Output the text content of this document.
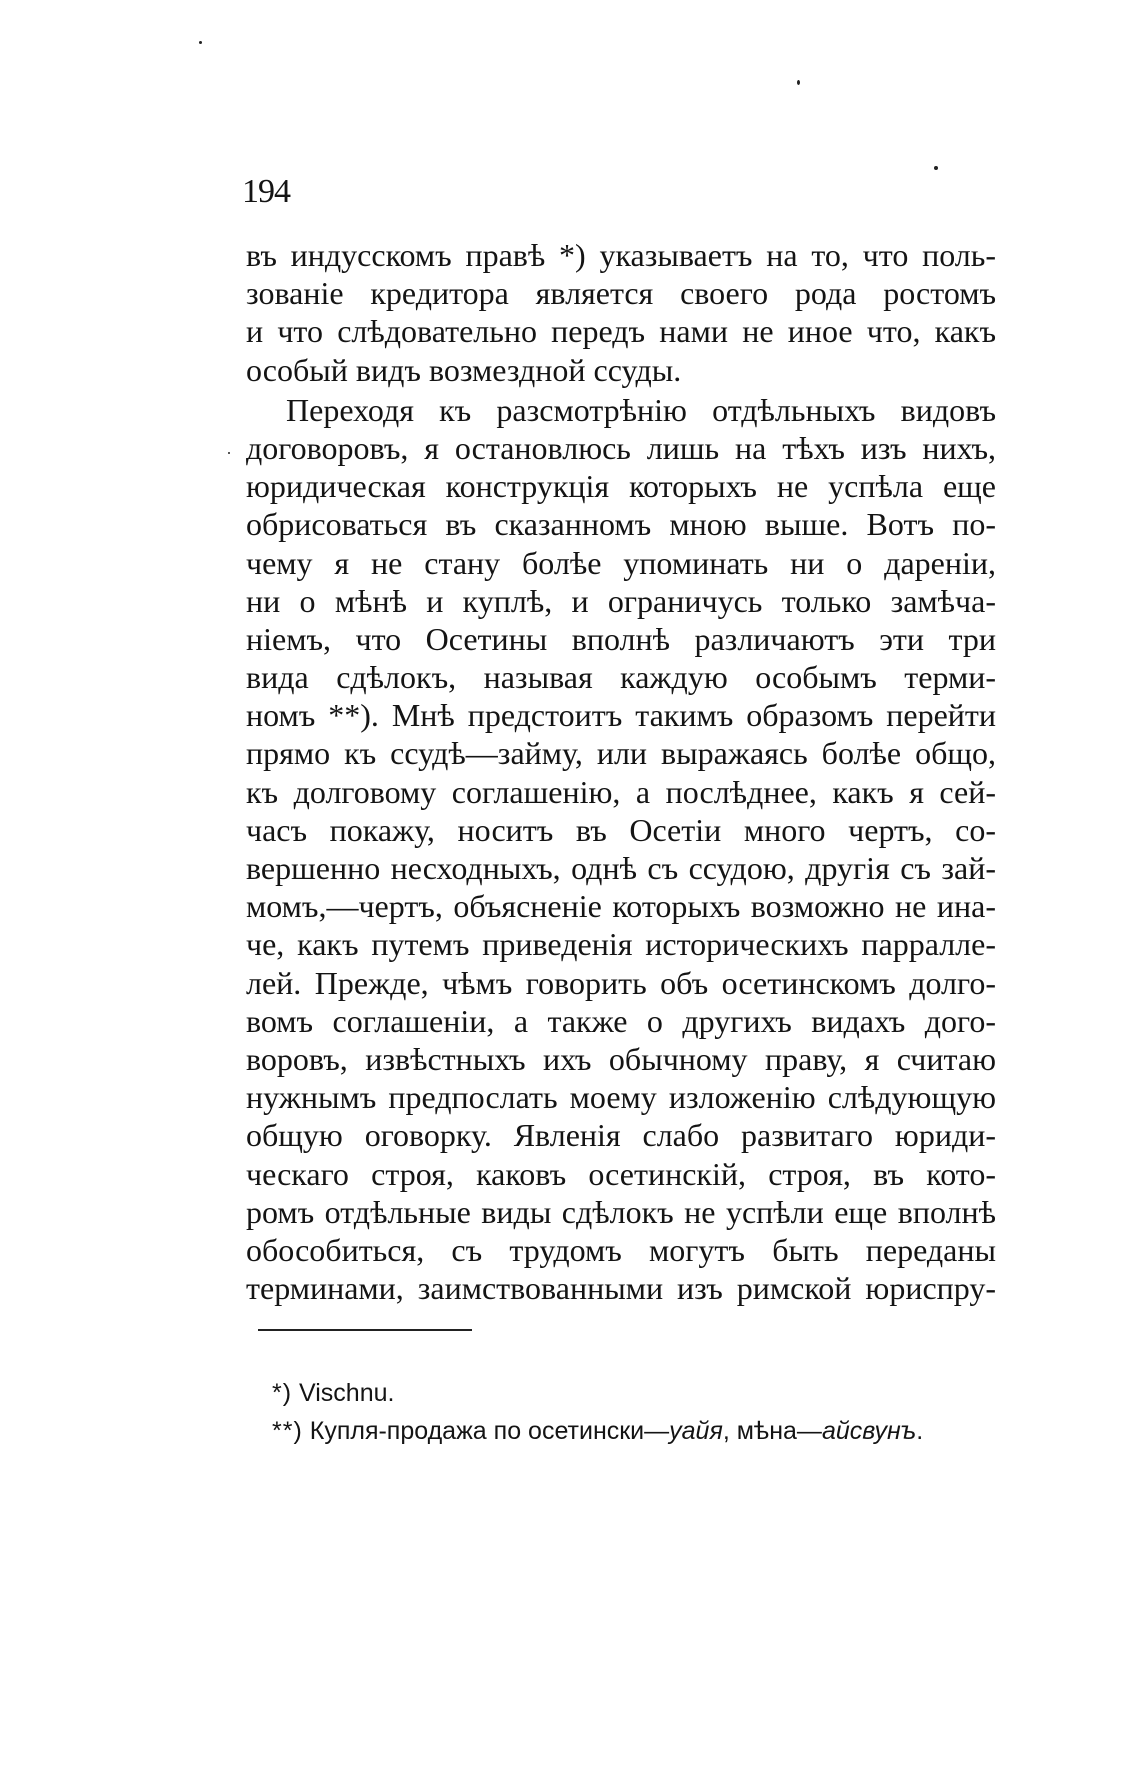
194
въ индусскомъ правѣ *) указываетъ на то, что поль-
зованіе кредитора является своего рода ростомъ
и что слѣдовательно передъ нами не иное что, какъ
особый видъ возмездной ссуды.
Переходя къ разсмотрѣнію отдѣльныхъ видовъ
договоровъ, я остановлюсь лишь на тѣхъ изъ нихъ,
юридическая конструкція которыхъ не успѣла еще
обрисоваться въ сказанномъ мною выше. Вотъ по-
чему я не стану болѣе упоминать ни о дареніи,
ни о мѣнѣ и куплѣ, и ограничусь только замѣча-
ніемъ, что Осетины вполнѣ различаютъ эти три
вида сдѣлокъ, называя каждую особымъ терми-
номъ **). Мнѣ предстоитъ такимъ образомъ перейти
прямо къ ссудѣ—займу, или выражаясь болѣе общо,
къ долговому соглашенію, а послѣднее, какъ я сей-
часъ покажу, носитъ въ Осетіи много чертъ, со-
вершенно несходныхъ, однѣ съ ссудою, другія съ зай-
момъ,—чертъ, объясненіе которыхъ возможно не ина-
че, какъ путемъ приведенія историческихъ парралле-
лей. Прежде, чѣмъ говорить объ осетинскомъ долго-
вомъ соглашеніи, а также о другихъ видахъ дого-
воровъ, извѣстныхъ ихъ обычному праву, я считаю
нужнымъ предпослать моему изложенію слѣдующую
общую оговорку. Явленія слабо развитаго юриди-
ческаго строя, каковъ осетинскій, строя, въ кото-
ромъ отдѣльные виды сдѣлокъ не успѣли еще вполнѣ
обособиться, съ трудомъ могутъ быть переданы
терминами, заимствованными изъ римской юриспру-
*) Vischnu.
**) Купля-продажа по осетински—уайя, мѣна—айсвунъ.
